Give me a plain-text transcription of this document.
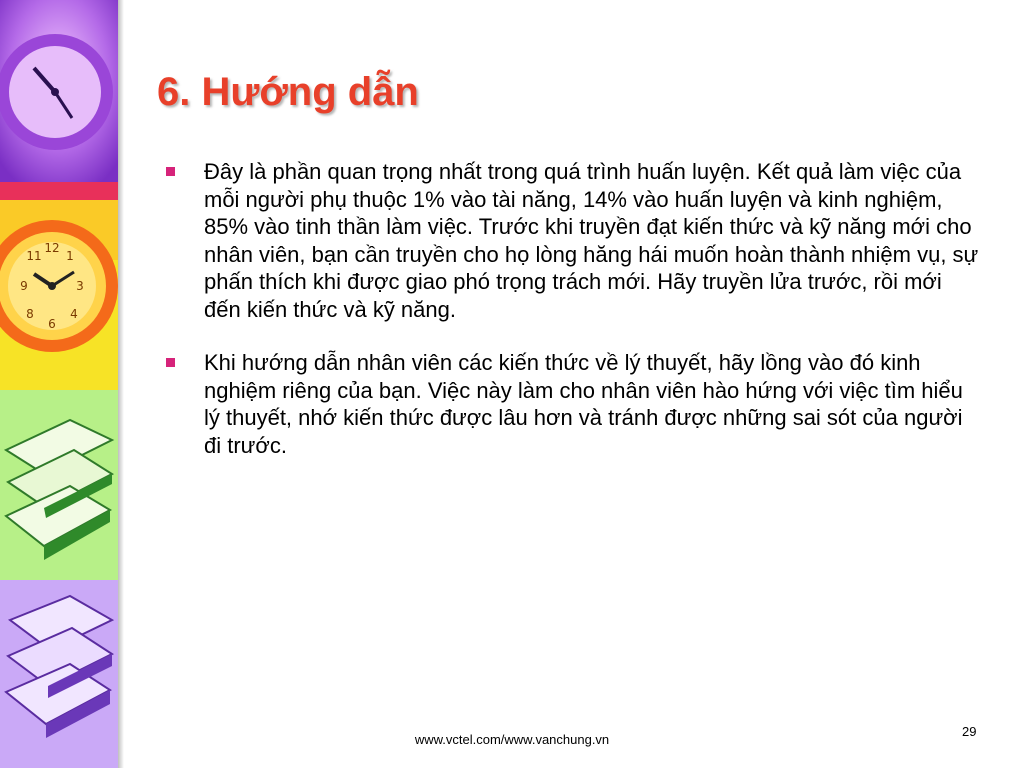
12
3
6
9
1
11
4
8
6. Hướng dẫn
Đây là phần quan trọng nhất trong quá trình huấn luyện. Kết quả làm việc của mỗi người phụ thuộc 1% vào tài năng, 14% vào huấn luyện và kinh nghiệm, 85% vào tinh thần làm việc. Trước khi truyền đạt kiến thức và kỹ năng mới cho nhân viên, bạn cần truyền cho họ lòng hăng hái muốn hoàn thành nhiệm vụ, sự phấn thích khi được giao phó trọng trách mới. Hãy truyền lửa trước, rồi mới đến kiến thức và kỹ năng.
Khi hướng dẫn nhân viên các kiến thức về lý thuyết, hãy lồng vào đó kinh nghiệm riêng của bạn. Việc này làm cho nhân viên hào hứng với việc tìm hiểu lý thuyết, nhớ kiến thức được lâu hơn và tránh được những sai sót của người đi trước.
www.vctel.com/www.vanchung.vn
29
